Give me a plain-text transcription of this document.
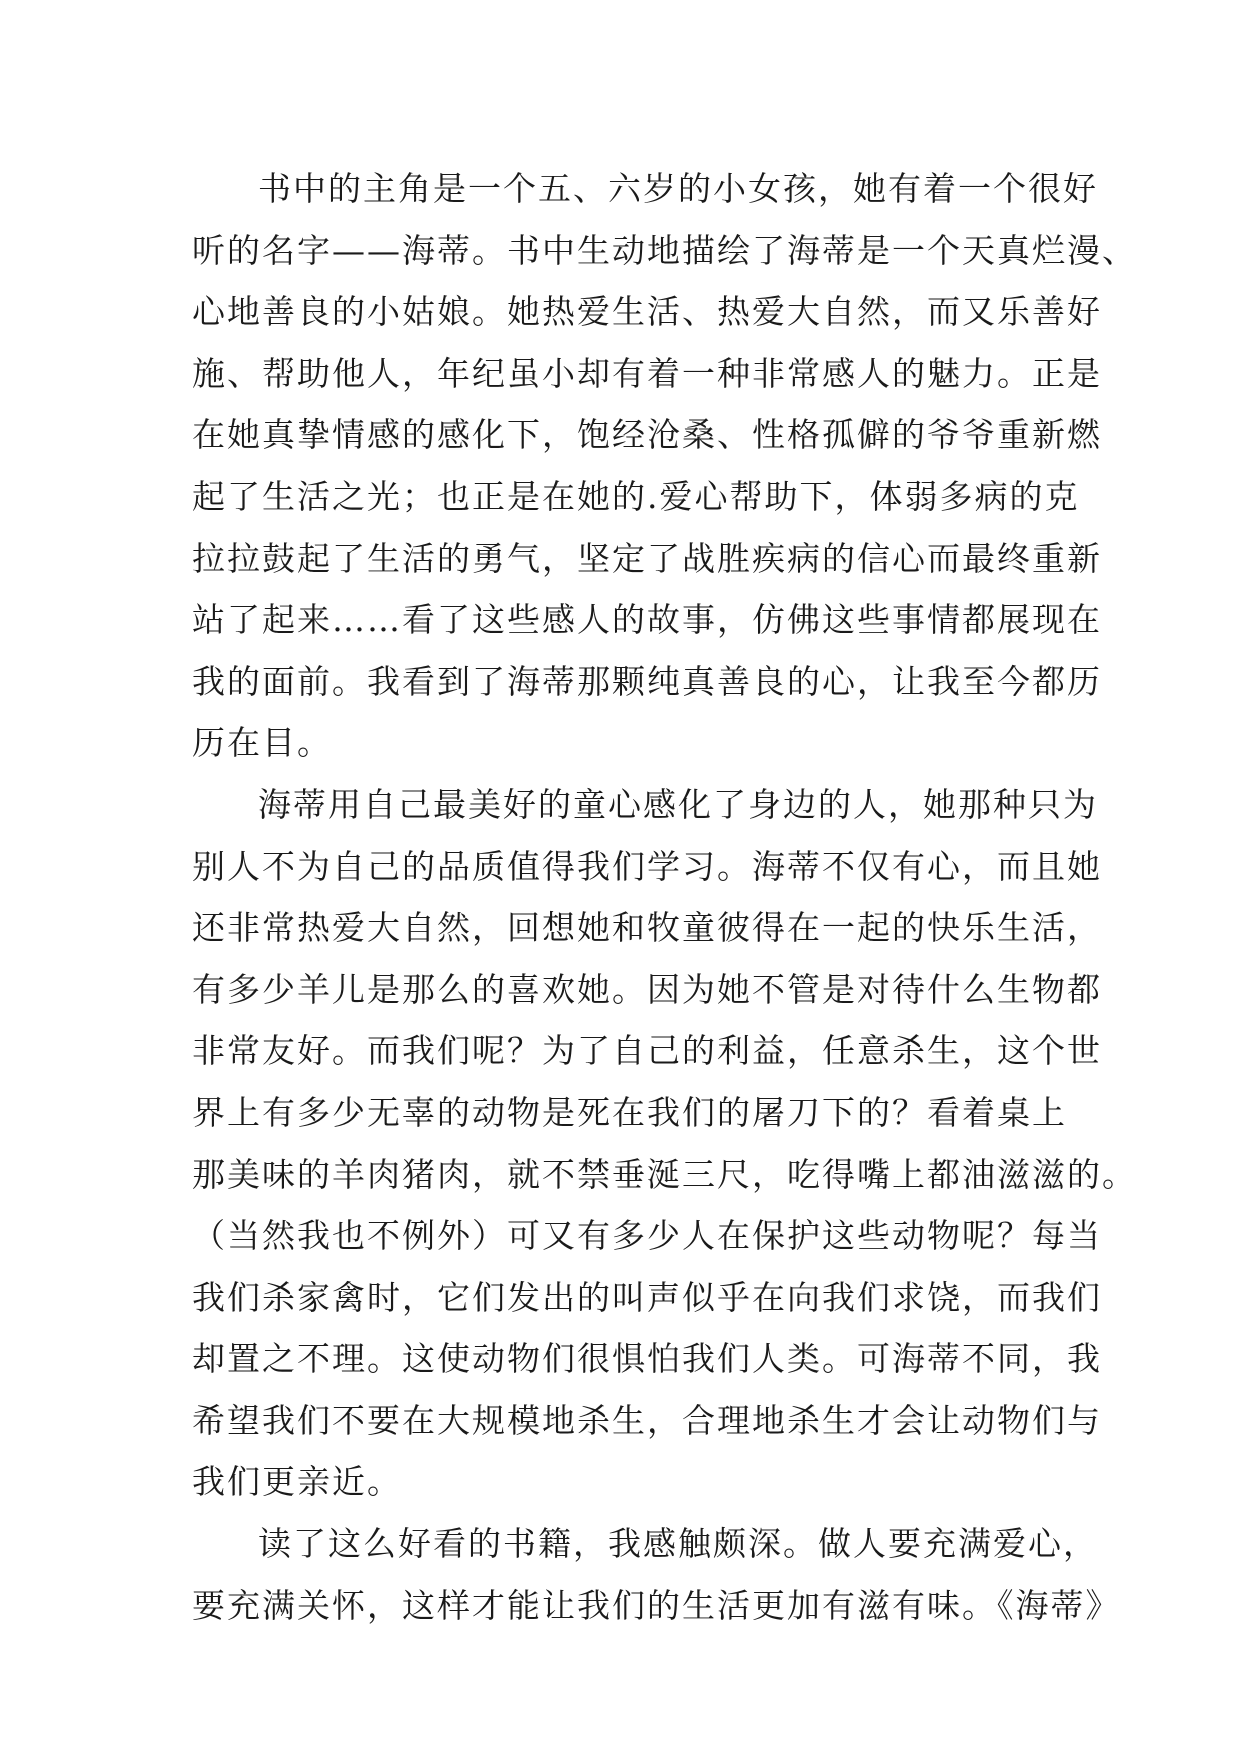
书中的主角是一个五、六岁的小女孩，她有着一个很好
听的名字——海蒂。书中生动地描绘了海蒂是一个天真烂漫、
心地善良的小姑娘。她热爱生活、热爱大自然，而又乐善好
施、帮助他人，年纪虽小却有着一种非常感人的魅力。正是
在她真挚情感的感化下，饱经沧桑、性格孤僻的爷爷重新燃
起了生活之光；也正是在她的.爱心帮助下，体弱多病的克
拉拉鼓起了生活的勇气，坚定了战胜疾病的信心而最终重新
站了起来……看了这些感人的故事，仿佛这些事情都展现在
我的面前。我看到了海蒂那颗纯真善良的心，让我至今都历
历在目。
海蒂用自己最美好的童心感化了身边的人，她那种只为
别人不为自己的品质值得我们学习。海蒂不仅有心，而且她
还非常热爱大自然，回想她和牧童彼得在一起的快乐生活，
有多少羊儿是那么的喜欢她。因为她不管是对待什么生物都
非常友好。而我们呢？为了自己的利益，任意杀生，这个世
界上有多少无辜的动物是死在我们的屠刀下的？看着桌上
那美味的羊肉猪肉，就不禁垂涎三尺，吃得嘴上都油滋滋的。
（当然我也不例外）可又有多少人在保护这些动物呢？每当
我们杀家禽时，它们发出的叫声似乎在向我们求饶，而我们
却置之不理。这使动物们很惧怕我们人类。可海蒂不同，我
希望我们不要在大规模地杀生，合理地杀生才会让动物们与
我们更亲近。
读了这么好看的书籍，我感触颇深。做人要充满爱心，
要充满关怀，这样才能让我们的生活更加有滋有味。《海蒂》
